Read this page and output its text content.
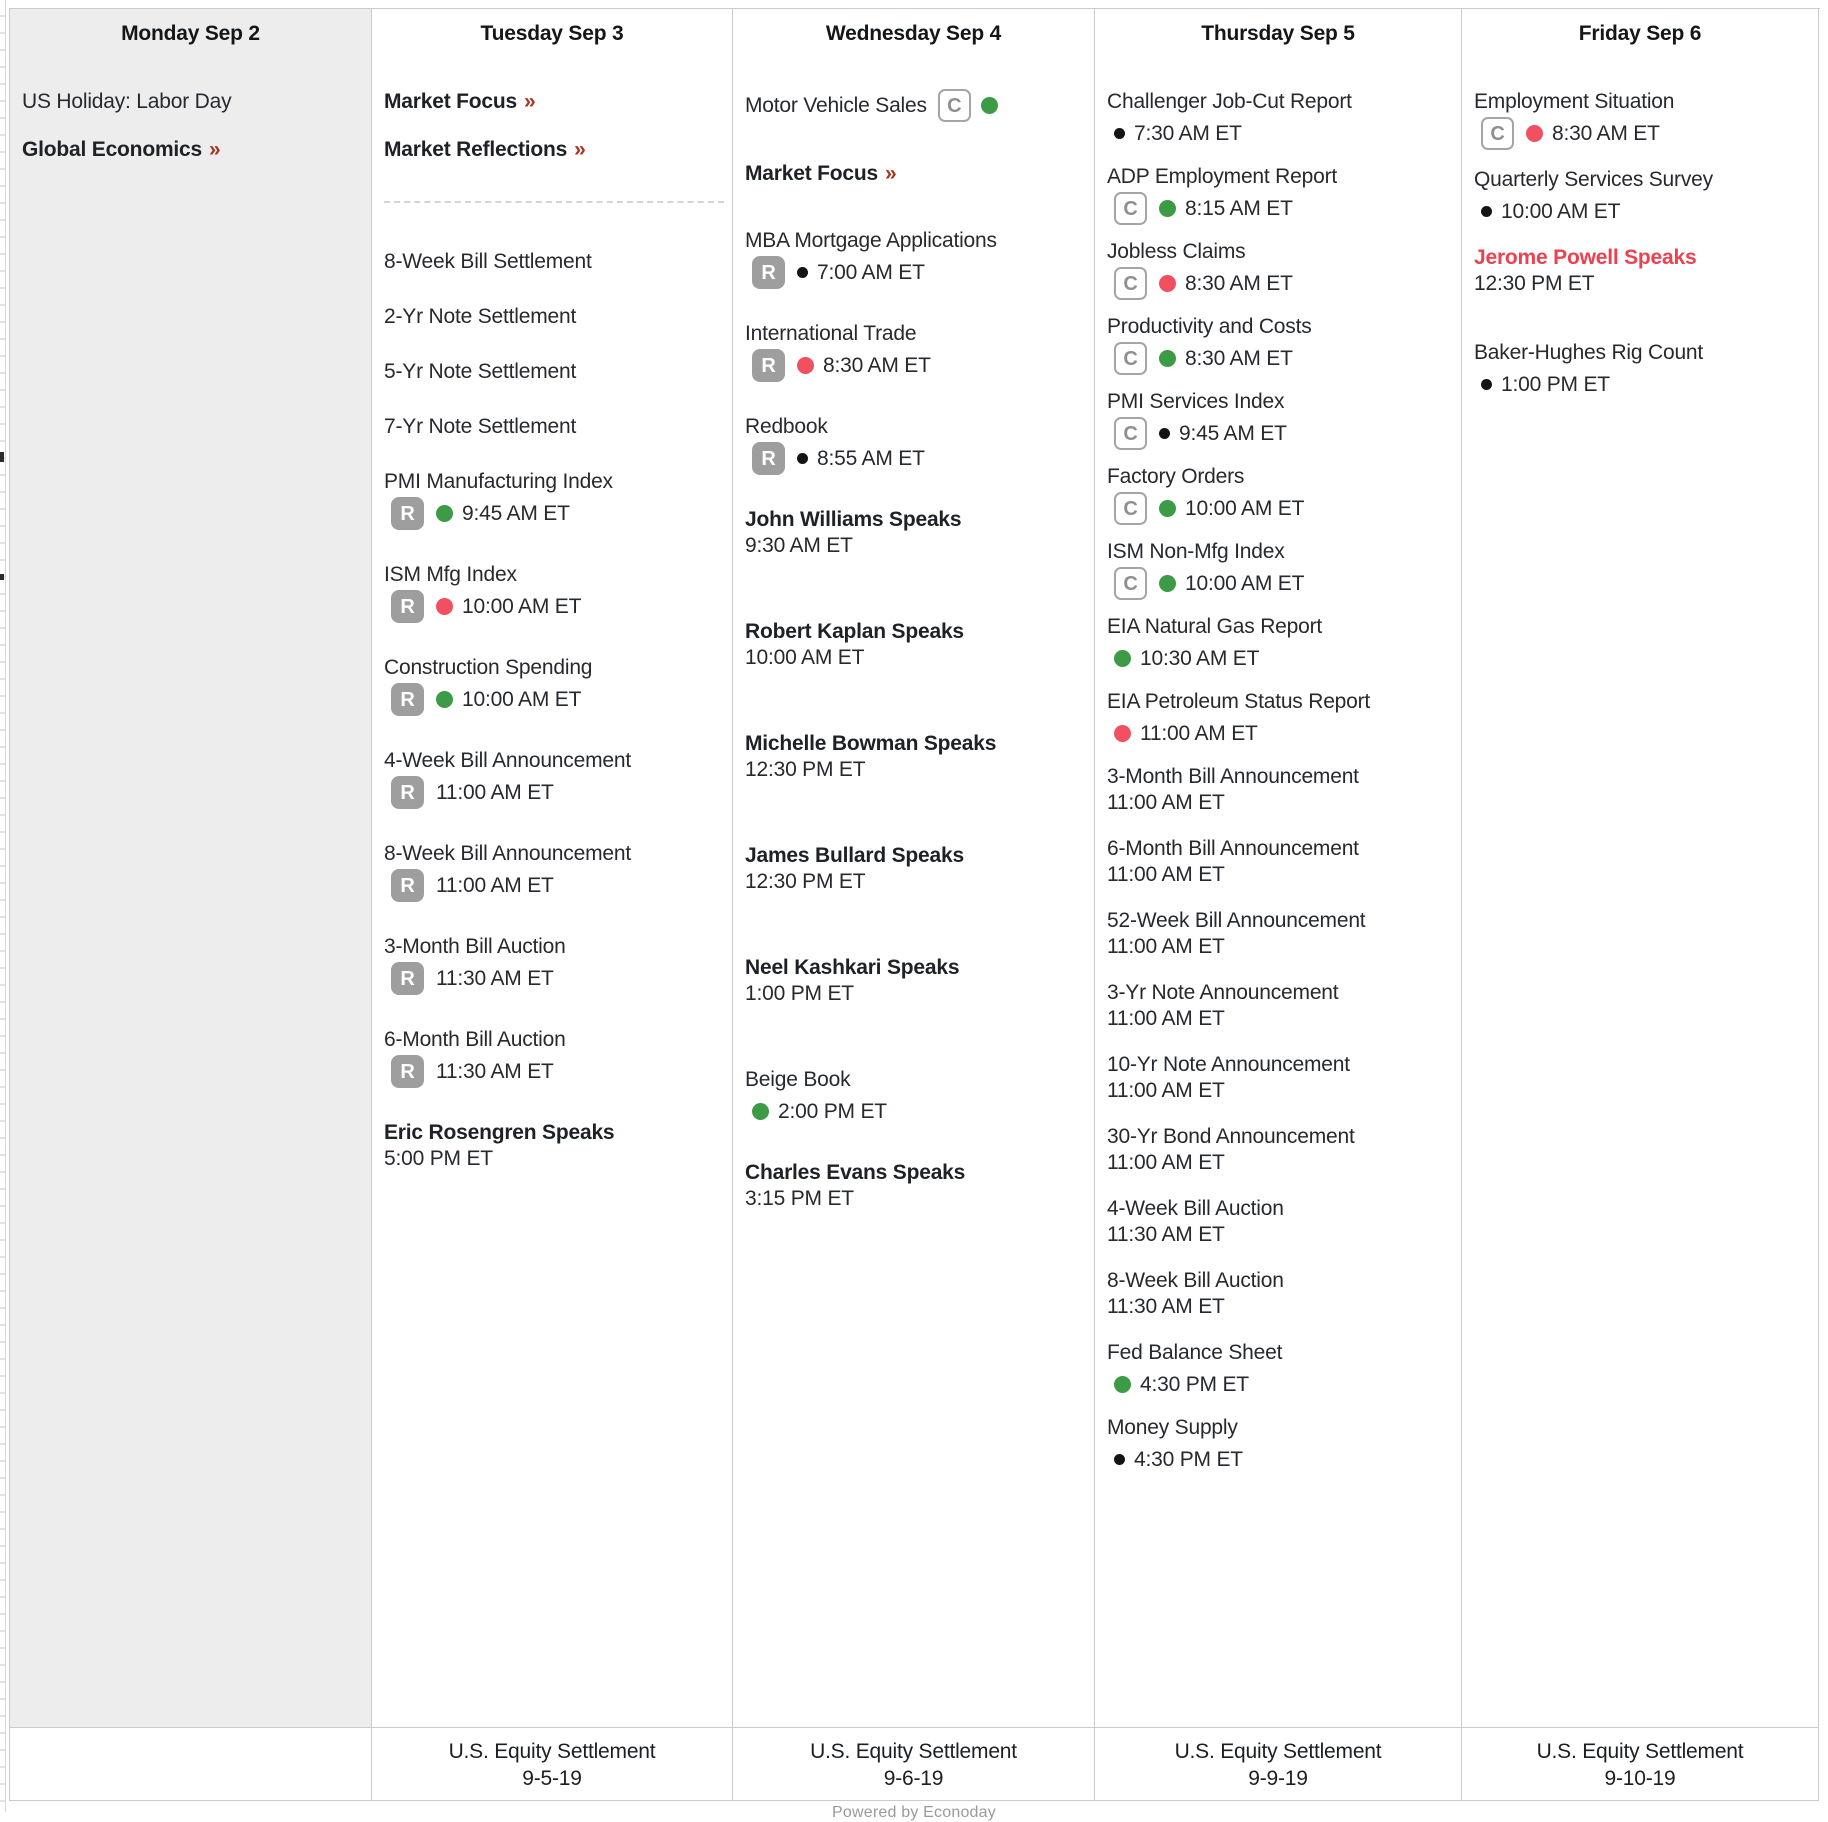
Monday Sep 2
US Holiday: Labor Day
Global Economics »
Tuesday Sep 3
Market Focus »
Market Reflections »
8-Week Bill Settlement
2-Yr Note Settlement
5-Yr Note Settlement
7-Yr Note Settlement
PMI Manufacturing Index
R	9:45 AM ET
ISM Mfg Index
R	10:00 AM ET
Construction Spending
R	10:00 AM ET
4-Week Bill Announcement
R	11:00 AM ET
8-Week Bill Announcement
R	11:00 AM ET
3-Month Bill Auction
R	11:30 AM ET
6-Month Bill Auction
R	11:30 AM ET
Eric Rosengren Speaks
5:00 PM ET
U.S. Equity Settlement
9-5-19
Wednesday Sep 4
Motor Vehicle Sales	C
Market Focus »
MBA Mortgage Applications
R	7:00 AM ET
International Trade
R	8:30 AM ET
Redbook
R	8:55 AM ET
John Williams Speaks
9:30 AM ET
Robert Kaplan Speaks
10:00 AM ET
Michelle Bowman Speaks
12:30 PM ET
James Bullard Speaks
12:30 PM ET
Neel Kashkari Speaks
1:00 PM ET
Beige Book
2:00 PM ET
Charles Evans Speaks
3:15 PM ET
U.S. Equity Settlement
9-6-19
Thursday Sep 5
Challenger Job-Cut Report
7:30 AM ET
ADP Employment Report
C	8:15 AM ET
Jobless Claims
C	8:30 AM ET
Productivity and Costs
C	8:30 AM ET
PMI Services Index
C	9:45 AM ET
Factory Orders
C	10:00 AM ET
ISM Non-Mfg Index
C	10:00 AM ET
EIA Natural Gas Report
10:30 AM ET
EIA Petroleum Status Report
11:00 AM ET
3-Month Bill Announcement
11:00 AM ET
6-Month Bill Announcement
11:00 AM ET
52-Week Bill Announcement
11:00 AM ET
3-Yr Note Announcement
11:00 AM ET
10-Yr Note Announcement
11:00 AM ET
30-Yr Bond Announcement
11:00 AM ET
4-Week Bill Auction
11:30 AM ET
8-Week Bill Auction
11:30 AM ET
Fed Balance Sheet
4:30 PM ET
Money Supply
4:30 PM ET
U.S. Equity Settlement
9-9-19
Friday Sep 6
Employment Situation
C	8:30 AM ET
Quarterly Services Survey
10:00 AM ET
Jerome Powell Speaks
12:30 PM ET
Baker-Hughes Rig Count
1:00 PM ET
U.S. Equity Settlement
9-10-19
Powered by Econoday
